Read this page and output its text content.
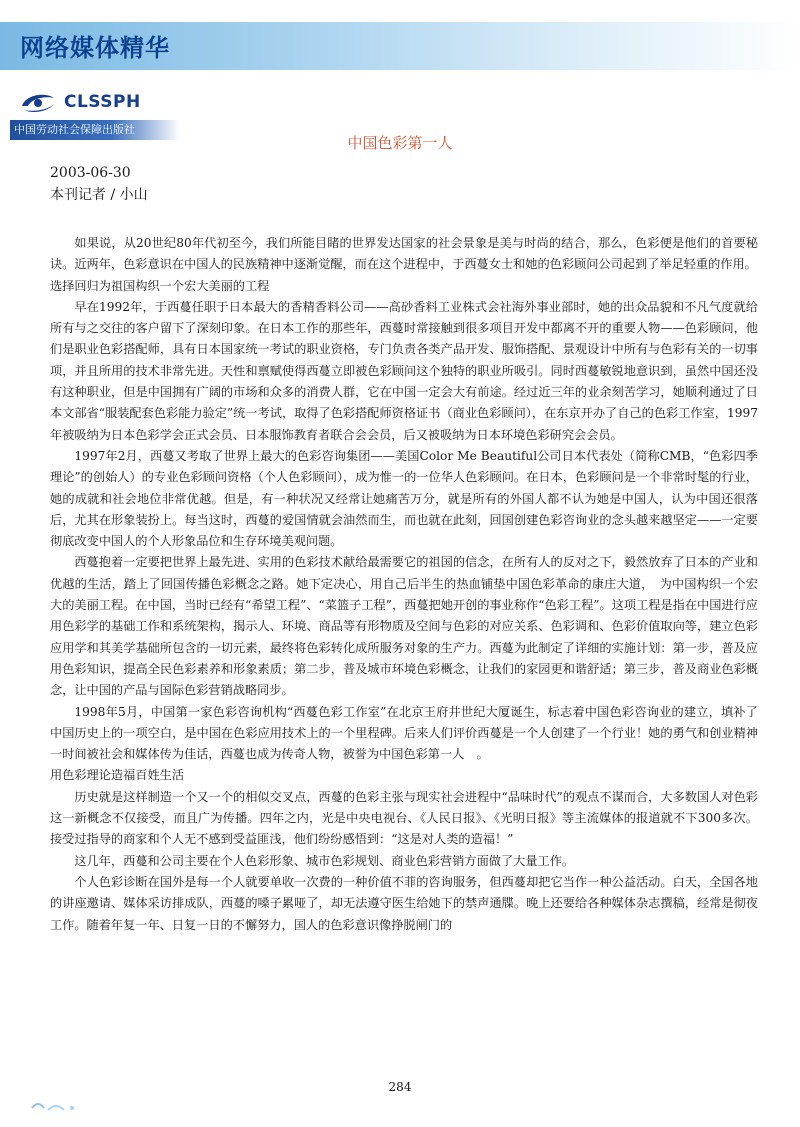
网络媒体精华
CLSSPH
中国劳动社会保障出版社
中国色彩第一人
2003-06-30
本刊记者 / 小山

如果说，从20世纪80年代初至今，我们所能目睹的世界发达国家的社会景象是美与时尚的结合，那么，色彩便是他们的首要秘诀。近两年，色彩意识在中国人的民族精神中逐渐觉醒，而在这个进程中，于西蔓女士和她的色彩顾问公司起到了举足轻重的作用。

选择回归为祖国构织一个宏大美丽的工程

早在1992年，于西蔓任职于日本最大的香精香料公司——高砂香料工业株式会社海外事业部时，她的出众品貌和不凡气度就给所有与之交往的客户留下了深刻印象。在日本工作的那些年，西蔓时常接触到很多项目开发中都离不开的重要人物——色彩顾问，他们是职业色彩搭配师，具有日本国家统一考试的职业资格，专门负责各类产品开发、服饰搭配、景观设计中所有与色彩有关的一切事项，并且所用的技术非常先进。天性和禀赋使得西蔓立即被色彩顾问这个独特的职业所吸引。同时西蔓敏锐地意识到，虽然中国还没有这种职业，但是中国拥有广阔的市场和众多的消费人群，它在中国一定会大有前途。经过近三年的业余刻苦学习，她顺利通过了日本文部省“服装配套色彩能力验定”统一考试，取得了色彩搭配师资格证书（商业色彩顾问），在东京开办了自己的色彩工作室，1997年被吸纳为日本色彩学会正式会员、日本服饰教育者联合会会员，后又被吸纳为日本环境色彩研究会会员。

1997年2月，西蔓又考取了世界上最大的色彩咨询集团——美国Color Me Beautiful公司日本代表处（简称CMB，“色彩四季理论”的创始人）的专业色彩顾问资格（个人色彩顾问），成为惟一的一位华人色彩顾问。在日本，色彩顾问是一个非常时髦的行业，她的成就和社会地位非常优越。但是，有一种状况又经常让她痛苦万分，就是所有的外国人都不认为她是中国人，认为中国还很落后，尤其在形象装扮上。每当这时，西蔓的爱国情就会油然而生，而也就在此刻，回国创建色彩咨询业的念头越来越坚定——一定要彻底改变中国人的个人形象品位和生存环境美观问题。

西蔓抱着一定要把世界上最先进、实用的色彩技术献给最需要它的祖国的信念，在所有人的反对之下，毅然放弃了日本的产业和优越的生活，踏上了回国传播色彩概念之路。她下定决心，用自己后半生的热血铺垫中国色彩革命的康庄大道，　为中国构织一个宏大的美丽工程。在中国，当时已经有“希望工程”、“菜篮子工程”，西蔓把她开创的事业称作“色彩工程”。这项工程是指在中国进行应用色彩学的基础工作和系统架构，揭示人、环境、商品等有形物质及空间与色彩的对应关系、色彩调和、色彩价值取向等，建立色彩应用学和其美学基础所包含的一切元素，最终将色彩转化成所服务对象的生产力。西蔓为此制定了详细的实施计划：第一步，普及应用色彩知识，提高全民色彩素养和形象素质；第二步，普及城市环境色彩概念，让我们的家园更和谐舒适；第三步，普及商业色彩概念，让中国的产品与国际色彩营销战略同步。

1998年5月，中国第一家色彩咨询机构“西蔓色彩工作室”在北京王府井世纪大厦诞生，标志着中国色彩咨询业的建立，填补了中国历史上的一项空白，是中国在色彩应用技术上的一个里程碑。后来人们评价西蔓是一个人创建了一个行业！她的勇气和创业精神一时间被社会和媒体传为佳话，西蔓也成为传奇人物，被誉为中国色彩第一人　。

用色彩理论造福百姓生活

历史就是这样制造一个又一个的相似交叉点，西蔓的色彩主张与现实社会进程中“品味时代”的观点不谋而合，大多数国人对色彩这一新概念不仅接受，而且广为传播。四年之内，光是中央电视台、《人民日报》、《光明日报》等主流媒体的报道就不下300多次。接受过指导的商家和个人无不感到受益匪浅，他们纷纷感悟到：“这是对人类的造福！”

这几年，西蔓和公司主要在个人色彩形象、城市色彩规划、商业色彩营销方面做了大量工作。

个人色彩诊断在国外是每一个人就要单收一次费的一种价值不菲的咨询服务，但西蔓却把它当作一种公益活动。白天，全国各地的讲座邀请、媒体采访排成队，西蔓的嗓子累哑了，却无法遵守医生给她下的禁声通牒。晚上还要给各种媒体杂志撰稿，经常是彻夜工作。随着年复一年、日复一日的不懈努力，国人的色彩意识像挣脱闸门的

284
